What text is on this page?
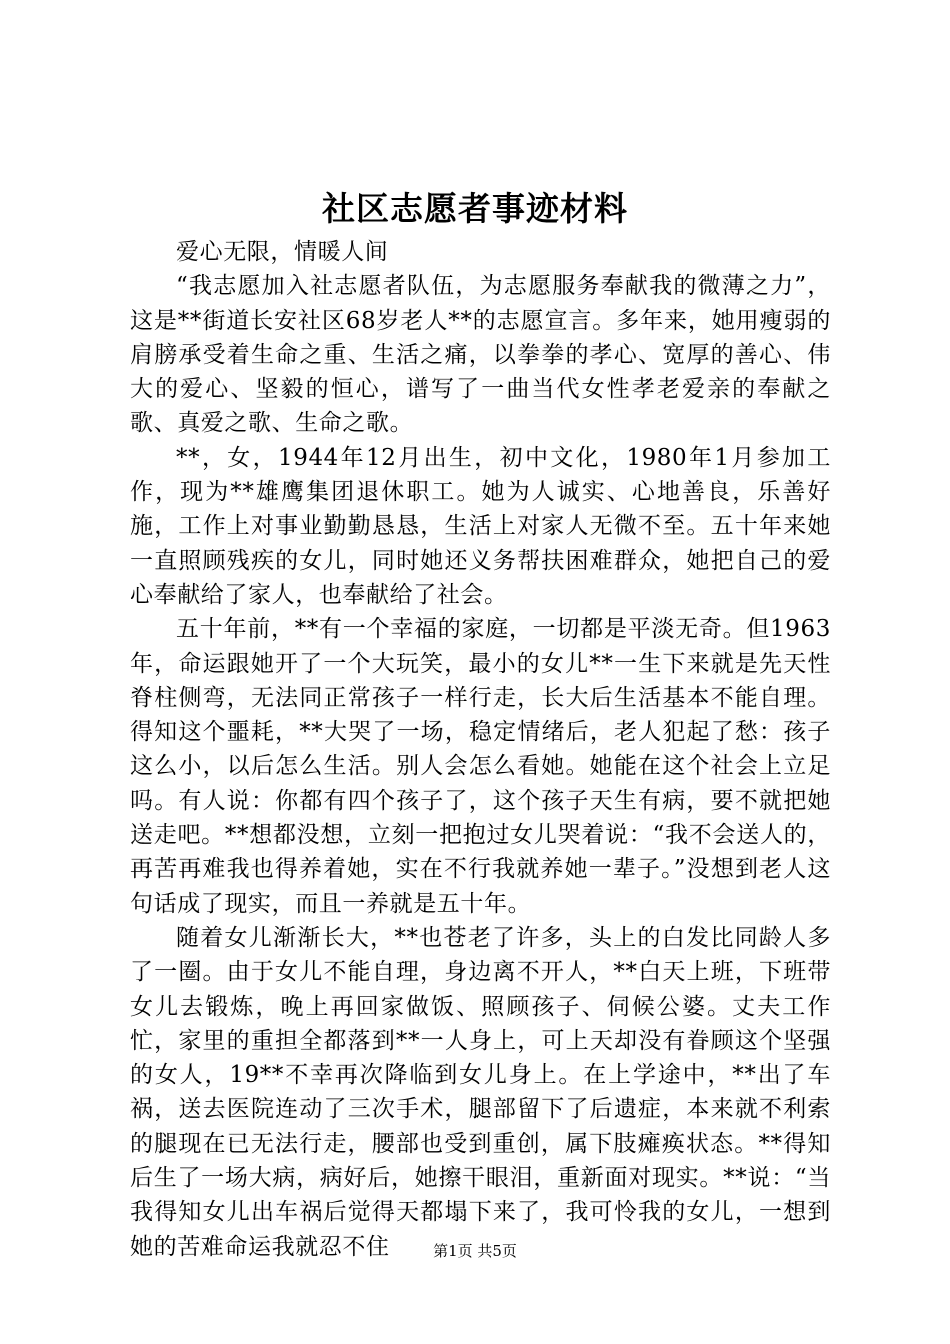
社区志愿者事迹材料

爱心无限，情暖人间

“我志愿加入社志愿者队伍，为志愿服务奉献我的微薄之力”，这是**街道长安社区68岁老人**的志愿宣言。多年来，她用瘦弱的肩膀承受着生命之重、生活之痛，以拳拳的孝心、宽厚的善心、伟大的爱心、坚毅的恒心，谱写了一曲当代女性孝老爱亲的奉献之歌、真爱之歌、生命之歌。

**，女，1944年12月出生，初中文化，1980年1月参加工作，现为**雄鹰集团退休职工。她为人诚实、心地善良，乐善好施，工作上对事业勤勤恳恳，生活上对家人无微不至。五十年来她一直照顾残疾的女儿，同时她还义务帮扶困难群众，她把自己的爱心奉献给了家人，也奉献给了社会。

五十年前，**有一个幸福的家庭，一切都是平淡无奇。但1963年，命运跟她开了一个大玩笑，最小的女儿**一生下来就是先天性脊柱侧弯，无法同正常孩子一样行走，长大后生活基本不能自理。得知这个噩耗，**大哭了一场，稳定情绪后，老人犯起了愁：孩子这么小，以后怎么生活。别人会怎么看她。她能在这个社会上立足吗。有人说：你都有四个孩子了，这个孩子天生有病，要不就把她送走吧。**想都没想，立刻一把抱过女儿哭着说：“我不会送人的，再苦再难我也得养着她，实在不行我就养她一辈子。”没想到老人这句话成了现实，而且一养就是五十年。

随着女儿渐渐长大，**也苍老了许多，头上的白发比同龄人多了一圈。由于女儿不能自理，身边离不开人，**白天上班，下班带女儿去锻炼，晚上再回家做饭、照顾孩子、伺候公婆。丈夫工作忙，家里的重担全都落到**一人身上，可上天却没有眷顾这个坚强的女人，19**不幸再次降临到女儿身上。在上学途中，**出了车祸，送去医院连动了三次手术，腿部留下了后遗症，本来就不利索的腿现在已无法行走，腰部也受到重创，属下肢瘫痪状态。**得知后生了一场大病，病好后，她擦干眼泪，重新面对现实。**说：“当我得知女儿出车祸后觉得天都塌下来了，我可怜我的女儿，一想到她的苦难命运我就忍不住	第1页 共5页
